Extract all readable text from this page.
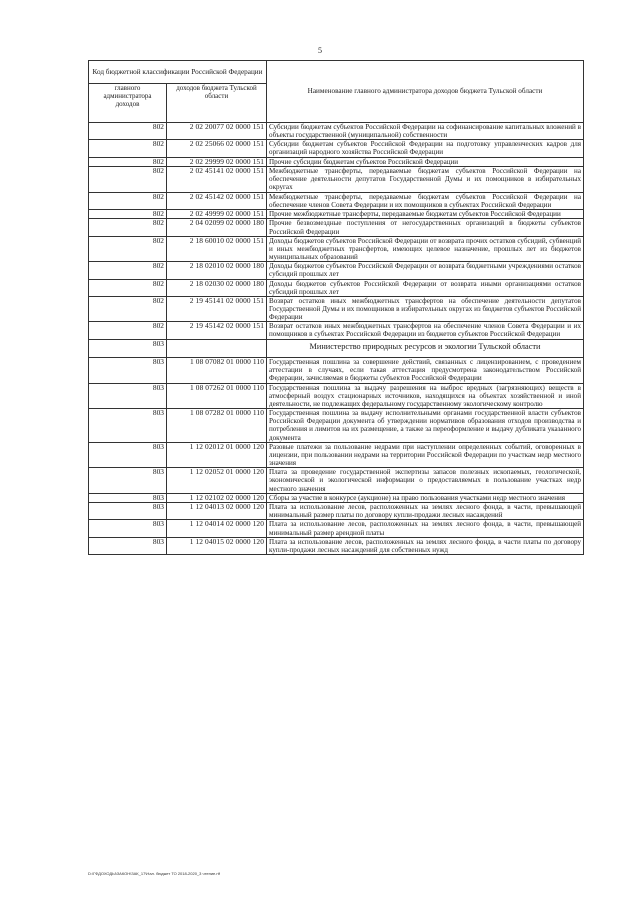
5
Код бюджетной классификации Российской Федерации		Наименование главного администратора доходов бюджета Тульской области
главного администратора доходов	доходов бюджета Тульской области	
802	2 02 20077 02 0000 151	Субсидии бюджетам субъектов Российской Федерации на софинансирование капитальных вложений в объекты государственной (муниципальной) собственности
802	2 02 25066 02 0000 151	Субсидии бюджетам субъектов Российской Федерации на подготовку управленческих кадров для организаций народного хозяйства Российской Федерации
802	2 02 29999 02 0000 151	Прочие субсидии бюджетам субъектов Российской Федерации
802	2 02 45141 02 0000 151	Межбюджетные трансферты, передаваемые бюджетам субъектов Российской Федерации на обеспечение деятельности депутатов Государственной Думы и их помощников в избирательных округах
802	2 02 45142 02 0000 151	Межбюджетные трансферты, передаваемые бюджетам субъектов Российской Федерации на обеспечение членов Совета Федерации и их помощников в субъектах Российской Федерации
802	2 02 49999 02 0000 151	Прочие межбюджетные трансферты, передаваемые бюджетам субъектов Российской Федерации
802	2 04 02099 02 0000 180	Прочие безвозмездные поступления от негосударственных организаций в бюджеты субъектов Российской Федерации
802	2 18 60010 02 0000 151	Доходы бюджетов субъектов Российской Федерации от возврата прочих остатков субсидий, субвенций и иных межбюджетных трансфертов, имеющих целевое назначение, прошлых лет из бюджетов муниципальных образований
802	2 18 02010 02 0000 180	Доходы бюджетов субъектов Российской Федерации от возврата бюджетными учреждениями остатков субсидий прошлых лет
802	2 18 02030 02 0000 180	Доходы бюджетов субъектов Российской Федерации от возврата иными организациями остатков субсидий прошлых лет
802	2 19 45141 02 0000 151	Возврат остатков иных межбюджетных трансфертов на обеспечение деятельности депутатов Государственной Думы и их помощников в избирательных округах из бюджетов субъектов Российской Федерации
802	2 19 45142 02 0000 151	Возврат остатков иных межбюджетных трансфертов на обеспечение членов Совета Федерации и их помощников в субъектах Российской Федерации из бюджетов субъектов Российской Федерации
803		Министерство природных ресурсов и экологии Тульской области
803	1 08 07082 01 0000 110	Государственная пошлина за совершение действий, связанных с лицензированием, с проведением аттестации в случаях, если такая аттестация предусмотрена законодательством Российской Федерации, зачисляемая в бюджеты субъектов Российской Федерации
803	1 08 07262 01 0000 110	Государственная пошлина за выдачу разрешения на выброс вредных (загрязняющих) веществ в атмосферный воздух стационарных источников, находящихся на объектах хозяйственной и иной деятельности, не подлежащих федеральному государственному экологическому контролю
803	1 08 07282 01 0000 110	Государственная пошлина за выдачу исполнительными органами государственной власти субъектов Российской Федерации документа об утверждении нормативов образования отходов производства и потребления и лимитов на их размещение, а также за переоформление и выдачу дубликата указанного документа
803	1 12 02012 01 0000 120	Разовые платежи за пользование недрами при наступлении определенных событий, оговоренных в лицензии, при пользовании недрами на территории Российской Федерации по участкам недр местного значения
803	1 12 02052 01 0000 120	Плата за проведение государственной экспертизы запасов полезных ископаемых, геологической, экономической и экологической информации о предоставляемых в пользование участках недр местного значения
803	1 12 02102 02 0000 120	Сборы за участие в конкурсе (аукционе) на право пользования участками недр местного значения
803	1 12 04013 02 0000 120	Плата за использование лесов, расположенных на землях лесного фонда, в части, превышающей минимальный размер платы по договору купли-продажи лесных насаждений
803	1 12 04014 02 0000 120	Плата за использование лесов, расположенных на землях лесного фонда, в части, превышающей минимальный размер арендной платы
803	1 12 04015 02 0000 120	Плата за использование лесов, расположенных на землях лесного фонда, в части платы по договору купли-продажи лесных насаждений для собственных нужд
D:\ГФДОХОДЫ\ЗАКОН\ЗАК_17\Нал. бюджет ТО 2018-2020_3 чтение.rtf
